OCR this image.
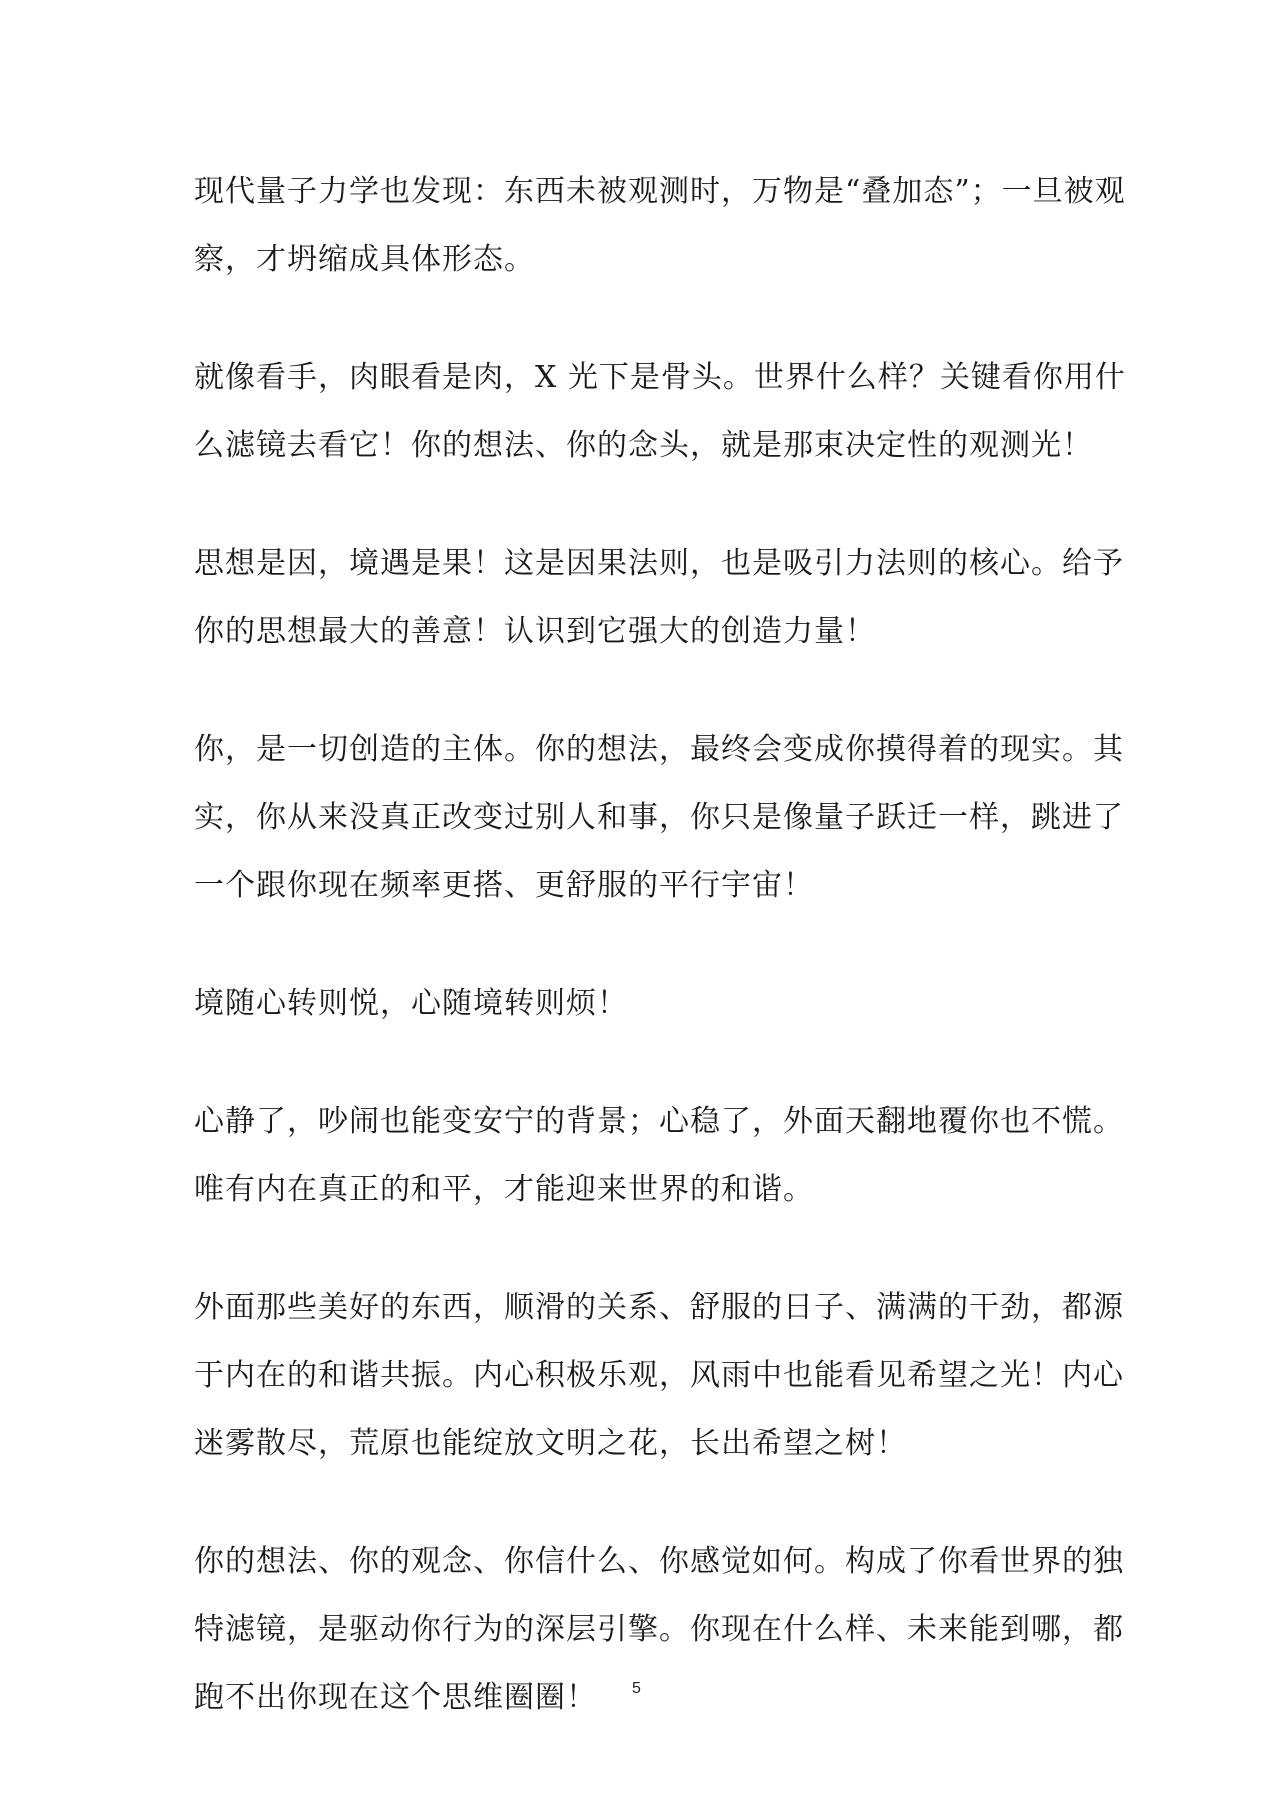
现代量子力学也发现：东西未被观测时，万物是“叠加态”；一旦被观
察，才坍缩成具体形态。

就像看手，肉眼看是肉，X 光下是骨头。世界什么样？关键看你用什
么滤镜去看它！你的想法、你的念头，就是那束决定性的观测光！

思想是因，境遇是果！这是因果法则，也是吸引力法则的核心。给予
你的思想最大的善意！认识到它强大的创造力量！

你，是一切创造的主体。你的想法，最终会变成你摸得着的现实。其
实，你从来没真正改变过别人和事，你只是像量子跃迁一样，跳进了
一个跟你现在频率更搭、更舒服的平行宇宙！

境随心转则悦，心随境转则烦！

心静了，吵闹也能变安宁的背景；心稳了，外面天翻地覆你也不慌。
唯有内在真正的和平，才能迎来世界的和谐。

外面那些美好的东西，顺滑的关系、舒服的日子、满满的干劲，都源
于内在的和谐共振。内心积极乐观，风雨中也能看见希望之光！内心
迷雾散尽，荒原也能绽放文明之花，长出希望之树！

你的想法、你的观念、你信什么、你感觉如何。构成了你看世界的独
特滤镜，是驱动你行为的深层引擎。你现在什么样、未来能到哪，都
跑不出你现在这个思维圈圈！	5
